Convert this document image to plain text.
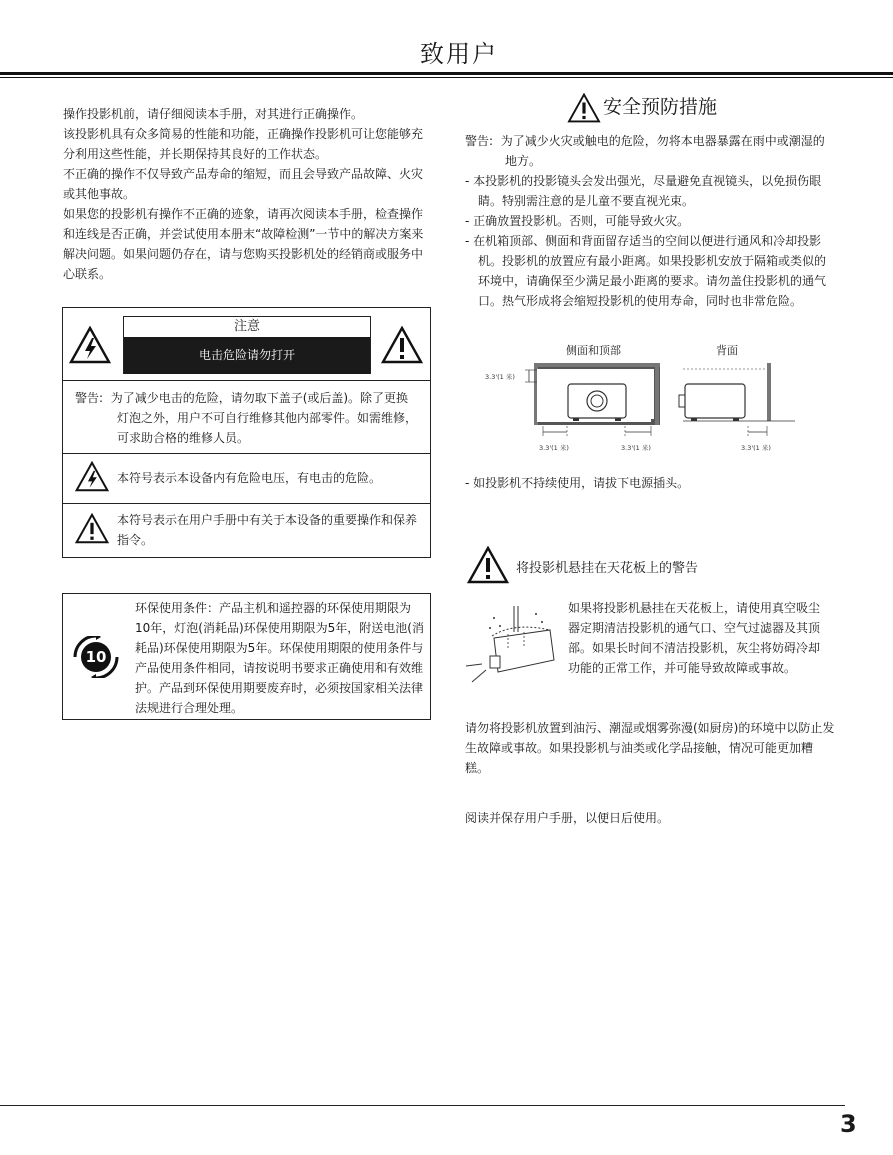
致用户

操作投影机前，请仔细阅读本手册，对其进行正确操作。

该投影机具有众多简易的性能和功能，正确操作投影机可让您能够充分利用这些性能，并长期保持其良好的工作状态。

不正确的操作不仅导致产品寿命的缩短，而且会导致产品故障、火灾或其他事故。

如果您的投影机有操作不正确的迹象，请再次阅读本手册，检查操作和连线是否正确，并尝试使用本册末“故障检测”一节中的解决方案来解决问题。如果问题仍存在，请与您购买投影机处的经销商或服务中心联系。

注意
电击危险请勿打开
警告: 为了减少电击的危险，请勿取下盖子(或后盖)。除了更换灯泡之外，用户不可自行维修其他内部零件。如需维修，可求助合格的维修人员。
本符号表示本设备内有危险电压，有电击的危险。
本符号表示在用户手册中有关于本设备的重要操作和保养指令。
10
环保使用条件：产品主机和遥控器的环保使用期限为10年，灯泡(消耗品)环保使用期限为5年，附送电池(消耗品)环保使用期限为5年。环保使用期限的使用条件与产品使用条件相同，请按说明书要求正确使用和有效维护。产品到环保使用期要废弃时，必须按国家相关法律法规进行合理处理。
安全预防措施
警告: 为了减少火灾或触电的危险，勿将本电器暴露在雨中或潮湿的地方。
- 本投影机的投影镜头会发出强光，尽量避免直视镜头，以免损伤眼睛。特别需注意的是儿童不要直视光束。
- 正确放置投影机。否则，可能导致火灾。
- 在机箱顶部、侧面和背面留存适当的空间以便进行通风和冷却投影机。投影机的放置应有最小距离。如果投影机安放于隔箱或类似的环境中，请确保至少满足最小距离的要求。请勿盖住投影机的通气口。热气形成将会缩短投影机的使用寿命，同时也非常危险。
侧面和顶部	背面
3.3'(1 米)
3.3'(1 米)	3.3'(1 米)	3.3'(1 米)
- 如投影机不持续使用，请拔下电源插头。
将投影机悬挂在天花板上的警告
如果将投影机悬挂在天花板上，请使用真空吸尘器定期清洁投影机的通气口、空气过滤器及其顶部。如果长时间不清洁投影机，灰尘将妨碍冷却功能的正常工作，并可能导致故障或事故。
请勿将投影机放置到油污、潮湿或烟雾弥漫(如厨房)的环境中以防止发生故障或事故。如果投影机与油类或化学品接触，情况可能更加糟糕。
阅读并保存用户手册，以便日后使用。
3
